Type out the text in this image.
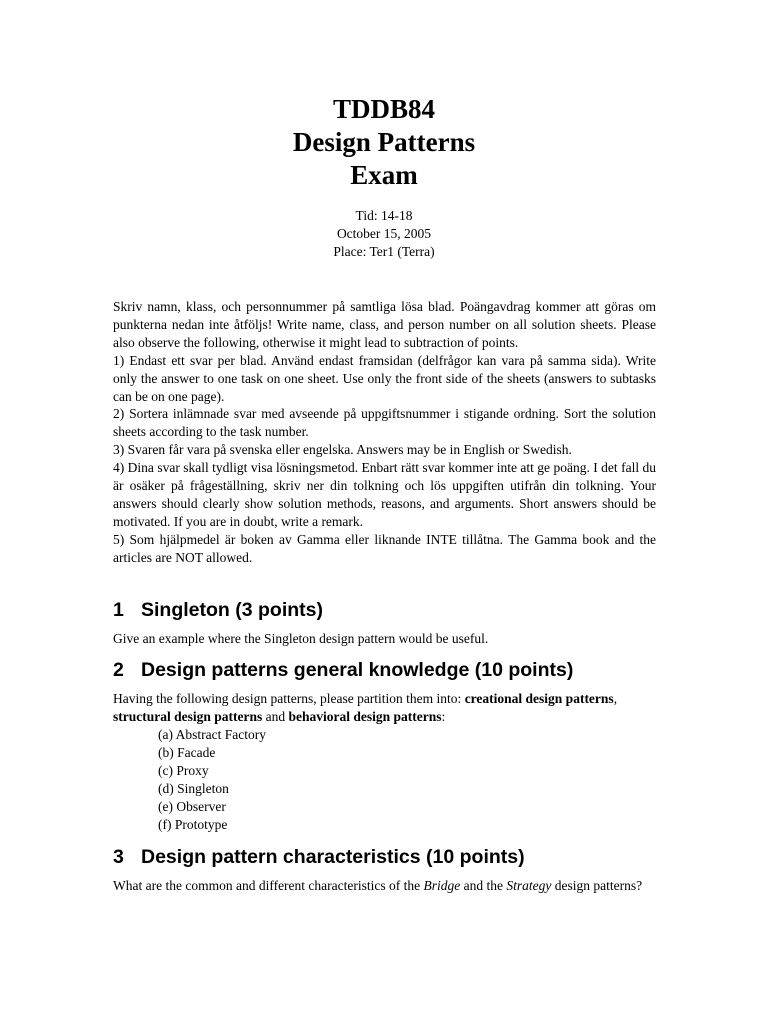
TDDB84
Design Patterns
Exam
Tid: 14-18
October 15, 2005
Place: Ter1 (Terra)

Skriv namn, klass, och personnummer på samtliga lösa blad. Poängavdrag kommer att göras om punkterna nedan inte åtföljs! Write name, class, and person number on all solution sheets. Please also observe the following, otherwise it might lead to subtraction of points.

1) Endast ett svar per blad. Använd endast framsidan (delfrågor kan vara på samma sida). Write only the answer to one task on one sheet. Use only the front side of the sheets (answers to subtasks can be on one page).

2) Sortera inlämnade svar med avseende på uppgiftsnummer i stigande ordning. Sort the solution sheets according to the task number.

3) Svaren får vara på svenska eller engelska. Answers may be in English or Swedish.

4) Dina svar skall tydligt visa lösningsmetod. Enbart rätt svar kommer inte att ge poäng. I det fall du är osäker på frågeställning, skriv ner din tolkning och lös uppgiften utifrån din tolkning. Your answers should clearly show solution methods, reasons, and arguments. Short answers should be motivated. If you are in doubt, write a remark.

5) Som hjälpmedel är boken av Gamma eller liknande INTE tillåtna. The Gamma book and the articles are NOT allowed.

1 Singleton (3 points)

Give an example where the Singleton design pattern would be useful.

2 Design patterns general knowledge (10 points)

Having the following design patterns, please partition them into: creational design patterns, structural design patterns and behavioral design patterns:

(a) Abstract Factory
(b) Facade
(c) Proxy
(d) Singleton
(e) Observer
(f) Prototype
3 Design pattern characteristics (10 points)

What are the common and different characteristics of the Bridge and the Strategy design patterns?
